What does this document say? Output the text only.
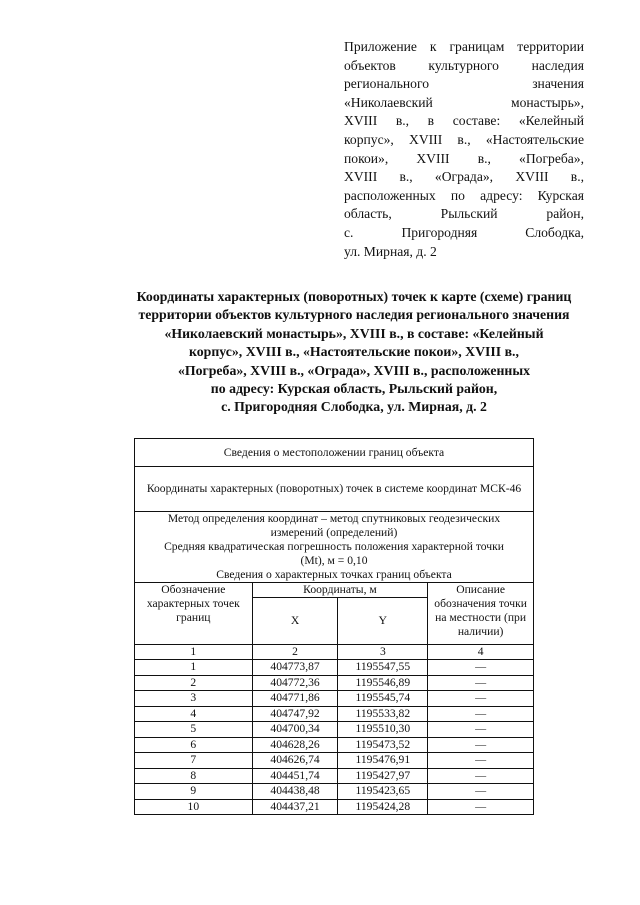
Приложение к границам территории
объектов культурного наследия
регионального значения
«Николаевский монастырь»,
XVIII в., в составе: «Келейный
корпус», XVIII в., «Настоятельские
покои», XVIII в., «Погреба»,
XVIII в., «Ограда», XVIII в.,
расположенных по адресу: Курская
область, Рыльский район,
с. Пригородняя Слободка,
ул. Мирная, д. 2
Координаты характерных (поворотных) точек к карте (схеме) границ
территории объектов культурного наследия регионального значения
«Николаевский монастырь», XVIII в., в составе: «Келейный
корпус», XVIII в., «Настоятельские покои», XVIII в.,
«Погреба», XVIII в., «Ограда», XVIII в., расположенных
по адресу: Курская область, Рыльский район,
с. Пригородняя Слободка, ул. Мирная, д. 2
Сведения о местоположении границ объекта			
Координаты характерных (поворотных) точек в системе координат МСК-46			

Метод определения координат – метод спутниковых геодезических
измерений (определений)
Средняя квадратическая погрешность положения характерной точки
(Mt), м = 0,10
Сведения о характерных точках границ объекта			

Обозначение характерных точек границ	Координаты, м		Описание обозначения точки на местности (при наличии)
	X	Y	
1	2	3	4
1	404773,87	1195547,55	—
2	404772,36	1195546,89	—
3	404771,86	1195545,74	—
4	404747,92	1195533,82	—
5	404700,34	1195510,30	—
6	404628,26	1195473,52	—
7	404626,74	1195476,91	—
8	404451,74	1195427,97	—
9	404438,48	1195423,65	—
10	404437,21	1195424,28	—
